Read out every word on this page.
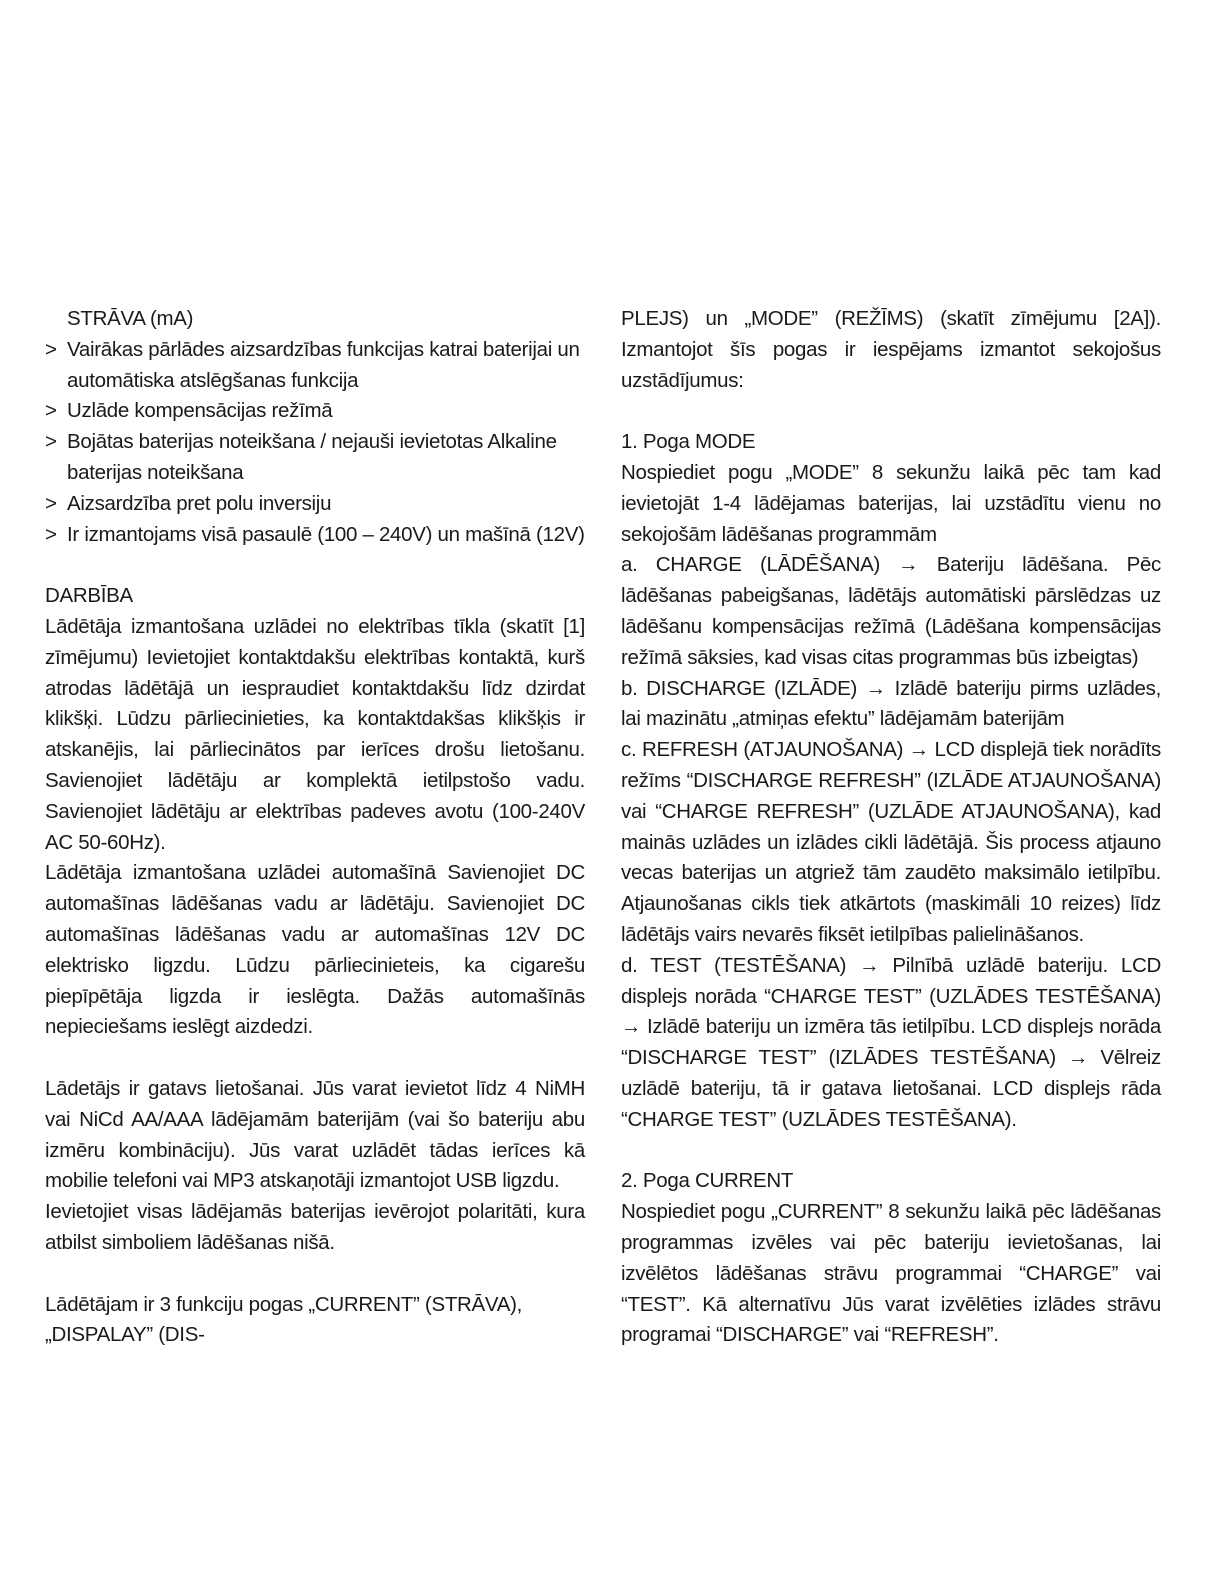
STRĀVA (mA)

> Vairākas pārlādes aizsardzības funkcijas katrai baterijai un automātiska atslēgšanas funkcija
> Uzlāde kompensācijas režīmā
> Bojātas baterijas noteikšana / nejauši ievietotas Alkaline baterijas noteikšana
> Aizsardzība pret polu inversiju
> Ir izmantojams visā pasaulē (100 – 240V) un mašīnā (12V)

DARBĪBA

Lādētāja izmantošana uzlādei no elektrības tīkla (skatīt [1] zīmējumu) Ievietojiet kontaktdakšu elektrības kontaktā, kurš atrodas lādētājā un iespraudiet kontaktdakšu līdz dzirdat klikšķi. Lūdzu pārliecinieties, ka kontaktdakšas klikšķis ir atskanējis, lai pārliecinātos par ierīces drošu lietošanu. Savienojiet lādētāju ar komplektā ietilpstošo vadu. Savienojiet lādētāju ar elektrības padeves avotu (100-240V AC 50-60Hz).

Lādētāja izmantošana uzlādei automašīnā Savienojiet DC automašīnas lādēšanas vadu ar lādētāju. Savienojiet DC automašīnas lādēšanas vadu ar automašīnas 12V DC elektrisko ligzdu. Lūdzu pārliecinieteis, ka cigarešu piepīpētāja ligzda ir ieslēgta. Dažās automašīnās nepieciešams ieslēgt aizdedzi.

Lādetājs ir gatavs lietošanai. Jūs varat ievietot līdz 4 NiMH vai NiCd AA/AAA lādējamām baterijām (vai šo bateriju abu izmēru kombināciju). Jūs varat uzlādēt tādas ierīces kā mobilie telefoni vai MP3 atskaņotāji izmantojot USB ligzdu.

Ievietojiet visas lādējamās baterijas ievērojot polaritāti, kura atbilst simboliem lādēšanas nišā.

Lādētājam ir 3 funkciju pogas „CURRENT” (STRĀVA), „DISPALAY” (DIS-

PLEJS) un „MODE” (REŽĪMS) (skatīt zīmējumu [2A]). Izmantojot šīs pogas ir iespējams izmantot sekojošus uzstādījumus:

1. Poga MODE

Nospiediet pogu „MODE” 8 sekunžu laikā pēc tam kad ievietojāt 1-4 lādējamas baterijas, lai uzstādītu vienu no sekojošām lādēšanas programmām

a. CHARGE (LĀDĒŠANA) → Bateriju lādēšana. Pēc lādēšanas pabeigšanas, lādētājs automātiski pārslēdzas uz lādēšanu kompensācijas režīmā (Lādēšana kompensācijas režīmā sāksies, kad visas citas programmas būs izbeigtas)

b. DISCHARGE (IZLĀDE) → Izlādē bateriju pirms uzlādes, lai mazinātu „atmiņas efektu” lādējamām baterijām

c. REFRESH (ATJAUNOŠANA) → LCD displejā tiek norādīts režīms “DISCHARGE REFRESH” (IZLĀDE ATJAUNOŠANA) vai “CHARGE REFRESH” (UZLĀDE ATJAUNOŠANA), kad mainās uzlādes un izlādes cikli lādētājā. Šis process atjauno vecas baterijas un atgriež tām zaudēto maksimālo ietilpību. Atjaunošanas cikls tiek atkārtots (maskimāli 10 reizes) līdz lādētājs vairs nevarēs fiksēt ietilpības palielināšanos.

d. TEST (TESTĒŠANA) → Pilnībā uzlādē bateriju. LCD displejs norāda “CHARGE TEST” (UZLĀDES TESTĒŠANA) → Izlādē bateriju un izmēra tās ietilpību. LCD displejs norāda “DISCHARGE TEST” (IZLĀDES TESTĒŠANA) → Vēlreiz uzlādē bateriju, tā ir gatava lietošanai. LCD displejs rāda “CHARGE TEST” (UZLĀDES TESTĒŠANA).

2. Poga CURRENT

Nospiediet pogu „CURRENT” 8 sekunžu laikā pēc lādēšanas programmas izvēles vai pēc bateriju ievietošanas, lai izvēlētos lādēšanas strāvu programmai “CHARGE” vai “TEST”. Kā alternatīvu Jūs varat izvēlēties izlādes strāvu programai “DISCHARGE” vai “REFRESH”.
